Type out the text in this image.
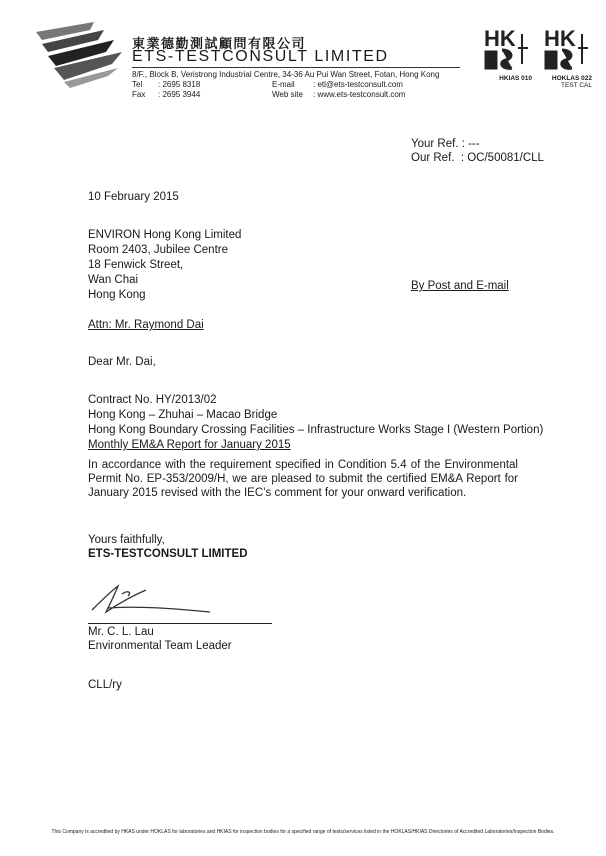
東業德勤測試顧問有限公司
ETS-TESTCONSULT LIMITED
8/F., Block B, Veristrong Industrial Centre, 34-36 Au Pui Wan Street, Fotan, Hong Kong
Tel : 2695 8318
Fax : 2695 3944
E-mail : etl@ets-testconsult.com
Web site : www.ets-testconsult.com
HK
HKIAS 010
HK
HOKLAS 022
TEST CAL
Your Ref. : ---
Our Ref.  : OC/50081/CLL
10 February 2015
ENVIRON Hong Kong Limited
Room 2403, Jubilee Centre
18 Fenwick Street,
Wan Chai
Hong Kong
By Post and E-mail
Attn: Mr. Raymond Dai
Dear Mr. Dai,
Contract No. HY/2013/02
Hong Kong – Zhuhai – Macao Bridge
Hong Kong Boundary Crossing Facilities – Infrastructure Works Stage I (Western Portion)
Monthly EM&A Report for January 2015
In accordance with the requirement specified in Condition 5.4 of the Environmental Permit No. EP-353/2009/H, we are pleased to submit the certified EM&A Report for January 2015 revised with the IEC’s comment for your onward verification.
Yours faithfully,
ETS-TESTCONSULT LIMITED
Mr. C. L. Lau
Environmental Team Leader
CLL/ry
This Company is accredited by HKAS under HOKLAS for laboratories and HKIAS for inspection bodies for a specified range of tests/services listed in the HOKLAS/HKIAS Directories of Accredited Laboratories/Inspection Bodies.
